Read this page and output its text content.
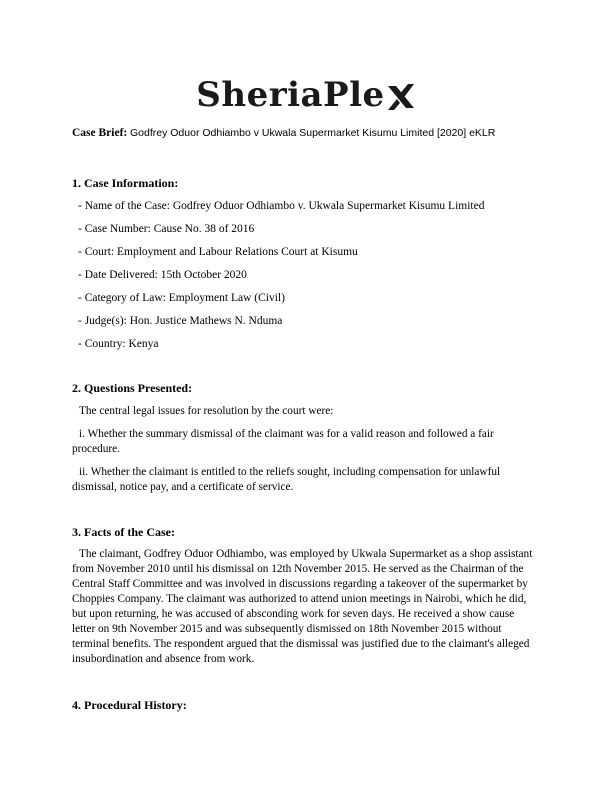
SheriaPle
Case Brief: Godfrey Oduor Odhiambo v Ukwala Supermarket Kisumu Limited [2020] eKLR
1. Case Information:
- Name of the Case: Godfrey Oduor Odhiambo v. Ukwala Supermarket Kisumu Limited
- Case Number: Cause No. 38 of 2016
- Court: Employment and Labour Relations Court at Kisumu
- Date Delivered: 15th October 2020
- Category of Law: Employment Law (Civil)
- Judge(s): Hon. Justice Mathews N. Nduma
- Country: Kenya
2. Questions Presented:
The central legal issues for resolution by the court were:
i. Whether the summary dismissal of the claimant was for a valid reason and followed a fair procedure.
ii. Whether the claimant is entitled to the reliefs sought, including compensation for unlawful dismissal, notice pay, and a certificate of service.
3. Facts of the Case:
The claimant, Godfrey Oduor Odhiambo, was employed by Ukwala Supermarket as a shop assistant from November 2010 until his dismissal on 12th November 2015. He served as the Chairman of the Central Staff Committee and was involved in discussions regarding a takeover of the supermarket by Choppies Company. The claimant was authorized to attend union meetings in Nairobi, which he did, but upon returning, he was accused of absconding work for seven days. He received a show cause letter on 9th November 2015 and was subsequently dismissed on 18th November 2015 without terminal benefits. The respondent argued that the dismissal was justified due to the claimant's alleged insubordination and absence from work.
4. Procedural History:
